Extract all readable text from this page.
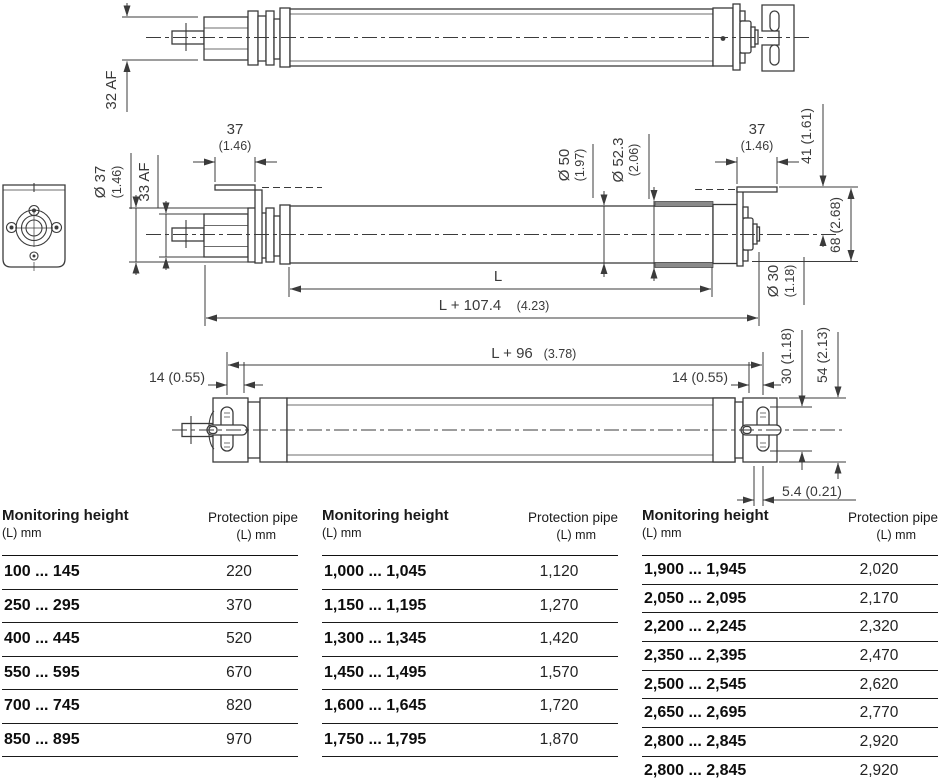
32 AF
Ø 37 (1.46) 33 AF
37
(1.46)
Ø 50 (1.97) Ø 52.3 (2.06)
37
(1.46) 41 (1.61)
68 (2.68)
Ø 30 (1.18)
L
L + 107.4 (4.23)
L + 96 (3.78)
14 (0.55)	14 (0.55)	30 (1.18) 54 (2.13)
5.4 (0.21)
Monitoring height
(L) mm
Protection pipe
(L) mm
100 ... 145	220
250 ... 295	370
400 ... 445	520
550 ... 595	670
700 ... 745	820
850 ... 895	970
Monitoring height
(L) mm
Protection pipe
(L) mm
1,000 ... 1,045	1,120
1,150 ... 1,195	1,270
1,300 ... 1,345	1,420
1,450 ... 1,495	1,570
1,600 ... 1,645	1,720
1,750 ... 1,795	1,870
Monitoring height
(L) mm
Protection pipe
(L) mm
1,900 ... 1,945	2,020
2,050 ... 2,095	2,170
2,200 ... 2,245	2,320
2,350 ... 2,395	2,470
2,500 ... 2,545	2,620
2,650 ... 2,695	2,770
2,800 ... 2,845	2,920
2,800 ... 2,845	2,920
